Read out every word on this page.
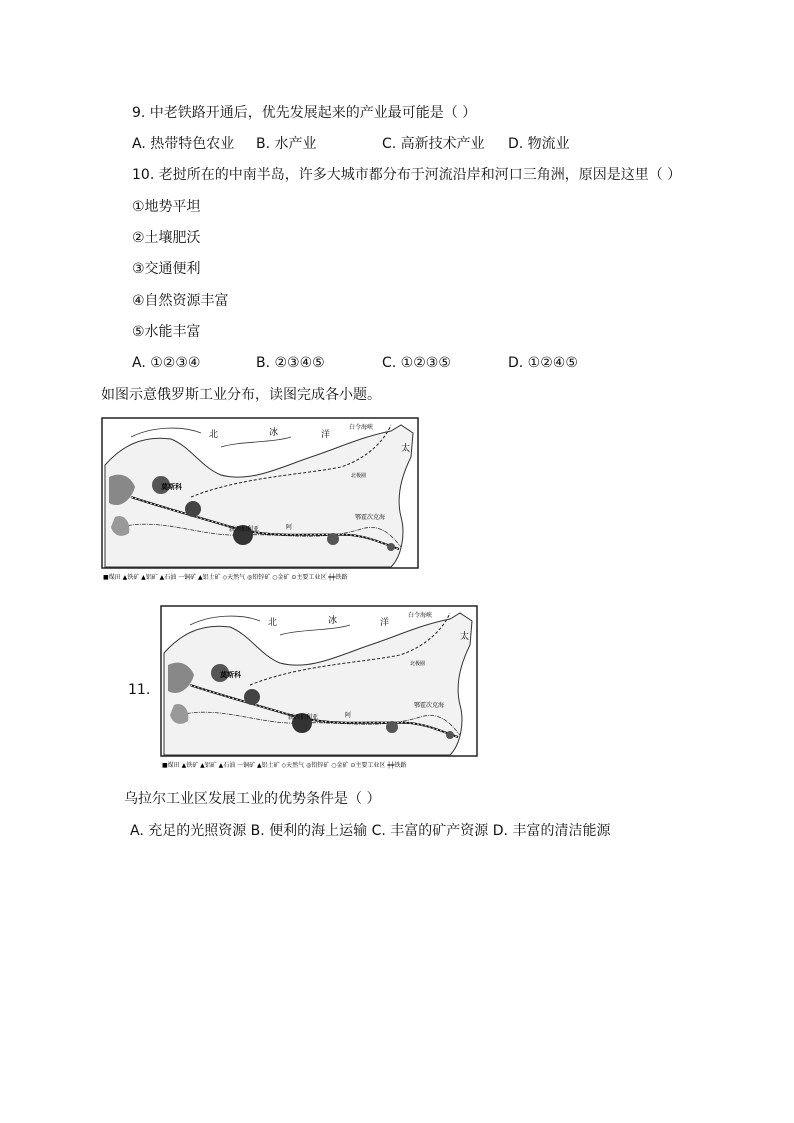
9. 中老铁路开通后，优先发展起来的产业最可能是（ ）
A. 热带特色农业 B. 水产业	C. 高新技术产业 D. 物流业
10. 老挝所在的中南半岛，许多大城市都分布于河流沿岸和河口三角洲，原因是这里（ ）
①地势平坦
②土壤肥沃
③交通便利
④自然资源丰富
⑤水能丰富
A. ①②③④	B. ②③④⑤	C. ①②③⑤	D. ①②④⑤
如图示意俄罗斯工业分布，读图完成各小题。
北	冰	洋
白令海峡
太
莫斯科
新西伯利亚	阿
北极圈
鄂霍次克海
■煤田 ▲铁矿 ▲铝矿 ▲石油 一铜矿 ▲铝土矿 ◇天然气 ◎铅锌矿 ○金矿 ⊙主要工业区 ┿┿铁路
11.
北	冰	洋
白令海峡
太
莫斯科
新西伯利亚	阿
北极圈
鄂霍次克海
■煤田 ▲铁矿 ▲铝矿 ▲石油 一铜矿 ▲铝土矿 ◇天然气 ◎铅锌矿 ○金矿 ⊙主要工业区 ┿┿铁路
乌拉尔工业区发展工业的优势条件是（ ）
A. 充足的光照资源 B. 便利的海上运输 C. 丰富的矿产资源 D. 丰富的清洁能源
